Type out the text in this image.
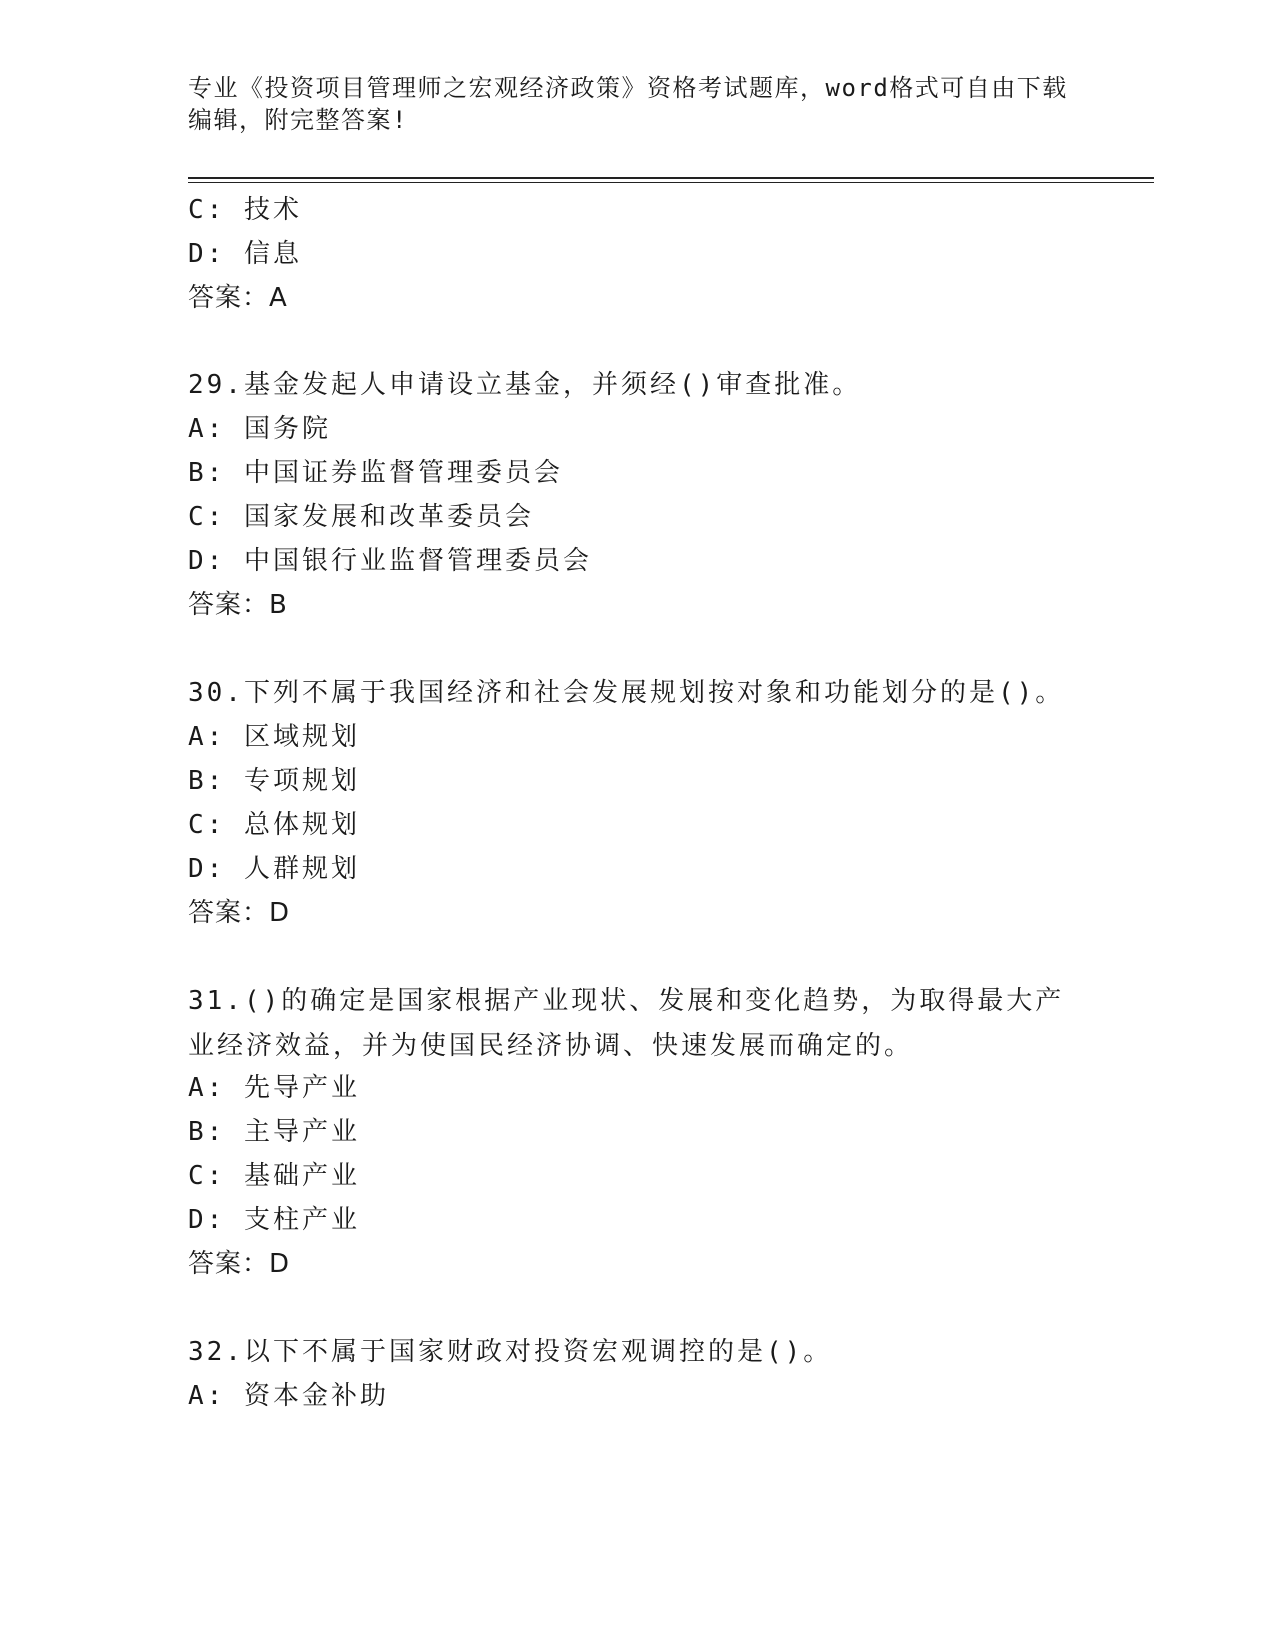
专业《投资项目管理师之宏观经济政策》资格考试题库，word格式可自由下载编辑，附完整答案!

C: 技术

D: 信息

答案：A

29.基金发起人申请设立基金，并须经()审查批准。

A: 国务院

B: 中国证券监督管理委员会

C: 国家发展和改革委员会

D: 中国银行业监督管理委员会

答案：B

30.下列不属于我国经济和社会发展规划按对象和功能划分的是()。

A: 区域规划

B: 专项规划

C: 总体规划

D: 人群规划

答案：D

31.()的确定是国家根据产业现状、发展和变化趋势，为取得最大产业经济效益，并为使国民经济协调、快速发展而确定的。

A: 先导产业

B: 主导产业

C: 基础产业

D: 支柱产业

答案：D

32.以下不属于国家财政对投资宏观调控的是()。

A: 资本金补助
